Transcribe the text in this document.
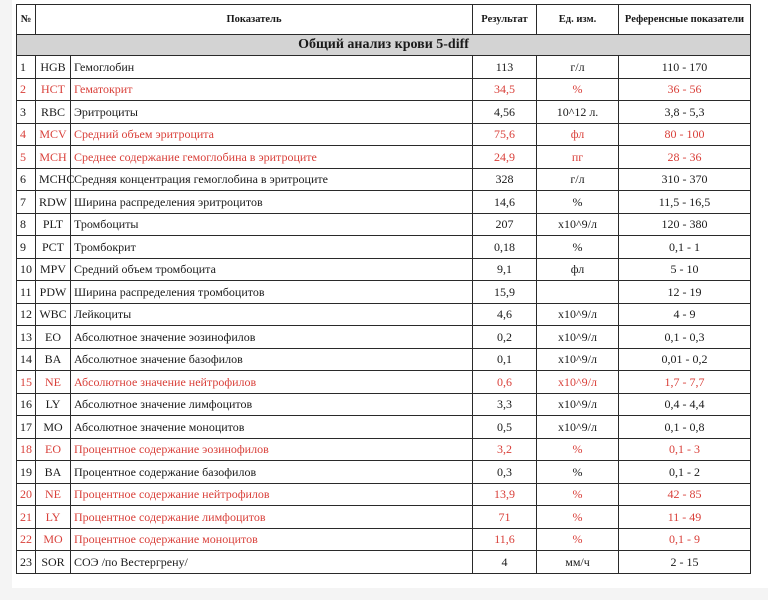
№	Показатель		Результат	Ед. изм.	Референсные показатели
Общий анализ крови 5-diff					
1	HGB	Гемоглобин	113	г/л	110 - 170
2	HCT	Гематокрит	34,5	%	36 - 56
3	RBC	Эритроциты	4,56	10^12 л.	3,8 - 5,3
4	MCV	Средний объем эритроцита	75,6	фл	80 - 100
5	MCH	Среднее содержание гемоглобина в эритроците	24,9	пг	28 - 36
6	MCHC	Средняя концентрация гемоглобина в эритроците	328	г/л	310 - 370
7	RDW	Ширина распределения эритроцитов	14,6	%	11,5 - 16,5
8	PLT	Тромбоциты	207	x10^9/л	120 - 380
9	PCT	Тромбокрит	0,18	%	0,1 - 1
10	MPV	Средний объем тромбоцита	9,1	фл	5 - 10
11	PDW	Ширина распределения тромбоцитов	15,9		12 - 19
12	WBC	Лейкоциты	4,6	x10^9/л	4 - 9
13	EO	Абсолютное значение эозинофилов	0,2	x10^9/л	0,1 - 0,3
14	BA	Абсолютное значение базофилов	0,1	x10^9/л	0,01 - 0,2
15	NE	Абсолютное значение нейтрофилов	0,6	x10^9/л	1,7 - 7,7
16	LY	Абсолютное значение лимфоцитов	3,3	x10^9/л	0,4 - 4,4
17	MO	Абсолютное значение моноцитов	0,5	x10^9/л	0,1 - 0,8
18	EO	Процентное содержание эозинофилов	3,2	%	0,1 - 3
19	BA	Процентное содержание базофилов	0,3	%	0,1 - 2
20	NE	Процентное содержание нейтрофилов	13,9	%	42 - 85
21	LY	Процентное содержание лимфоцитов	71	%	11 - 49
22	MO	Процентное содержание моноцитов	11,6	%	0,1 - 9
23	SOR	СОЭ /по Вестергрену/	4	мм/ч	2 - 15
